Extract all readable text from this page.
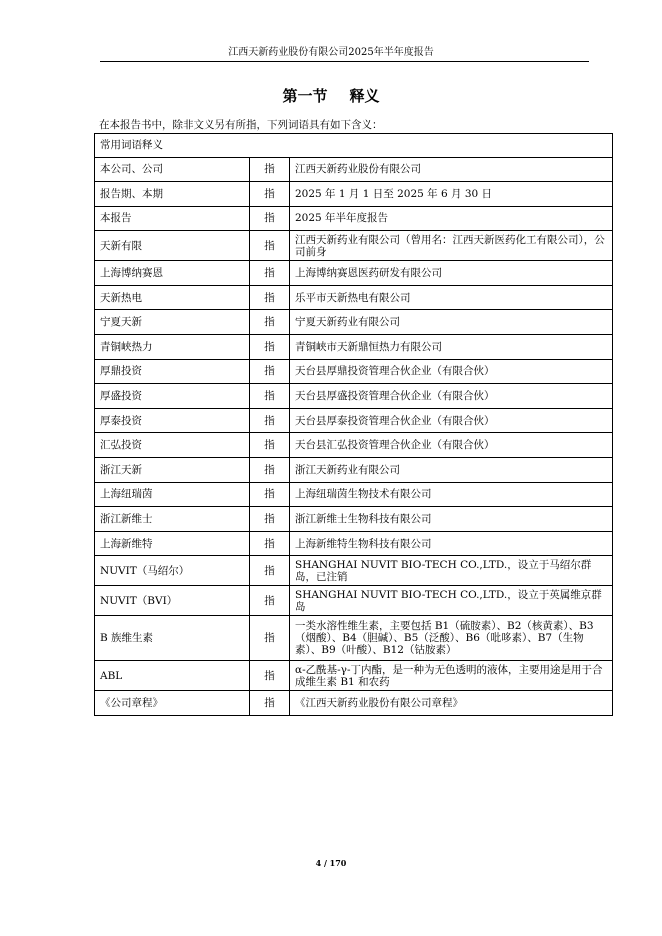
江西天新药业股份有限公司2025年半年度报告
第一节 释义
在本报告书中，除非文义另有所指，下列词语具有如下含义：
常用词语释义		
本公司、公司	指	江西天新药业股份有限公司
报告期、本期	指	2025 年 1 月 1 日至 2025 年 6 月 30 日
本报告	指	2025 年半年度报告
天新有限	指	江西天新药业有限公司（曾用名：江西天新医药化工有限公司），公司前身
上海博纳赛恩	指	上海博纳赛恩医药研发有限公司
天新热电	指	乐平市天新热电有限公司
宁夏天新	指	宁夏天新药业有限公司
青铜峡热力	指	青铜峡市天新鼎恒热力有限公司
厚鼎投资	指	天台县厚鼎投资管理合伙企业（有限合伙）
厚盛投资	指	天台县厚盛投资管理合伙企业（有限合伙）
厚泰投资	指	天台县厚泰投资管理合伙企业（有限合伙）
汇弘投资	指	天台县汇弘投资管理合伙企业（有限合伙）
浙江天新	指	浙江天新药业有限公司
上海纽瑞茵	指	上海纽瑞茵生物技术有限公司
浙江新维士	指	浙江新维士生物科技有限公司
上海新维特	指	上海新维特生物科技有限公司
NUVIT（马绍尔）	指	SHANGHAI NUVIT BIO-TECH CO.,LTD.，设立于马绍尔群岛，已注销
NUVIT（BVI）	指	SHANGHAI NUVIT BIO-TECH CO.,LTD.，设立于英属维京群岛
B 族维生素	指	一类水溶性维生素，主要包括 B1（硫胺素）、B2（核黄素）、B3（烟酸）、B4（胆碱）、B5（泛酸）、B6（吡哆素）、B7（生物素）、B9（叶酸）、B12（钴胺素）
ABL	指	α-乙酰基-γ-丁内酯，是一种为无色透明的液体，主要用途是用于合成维生素 B1 和农药
《公司章程》	指	《江西天新药业股份有限公司章程》
4 / 170
